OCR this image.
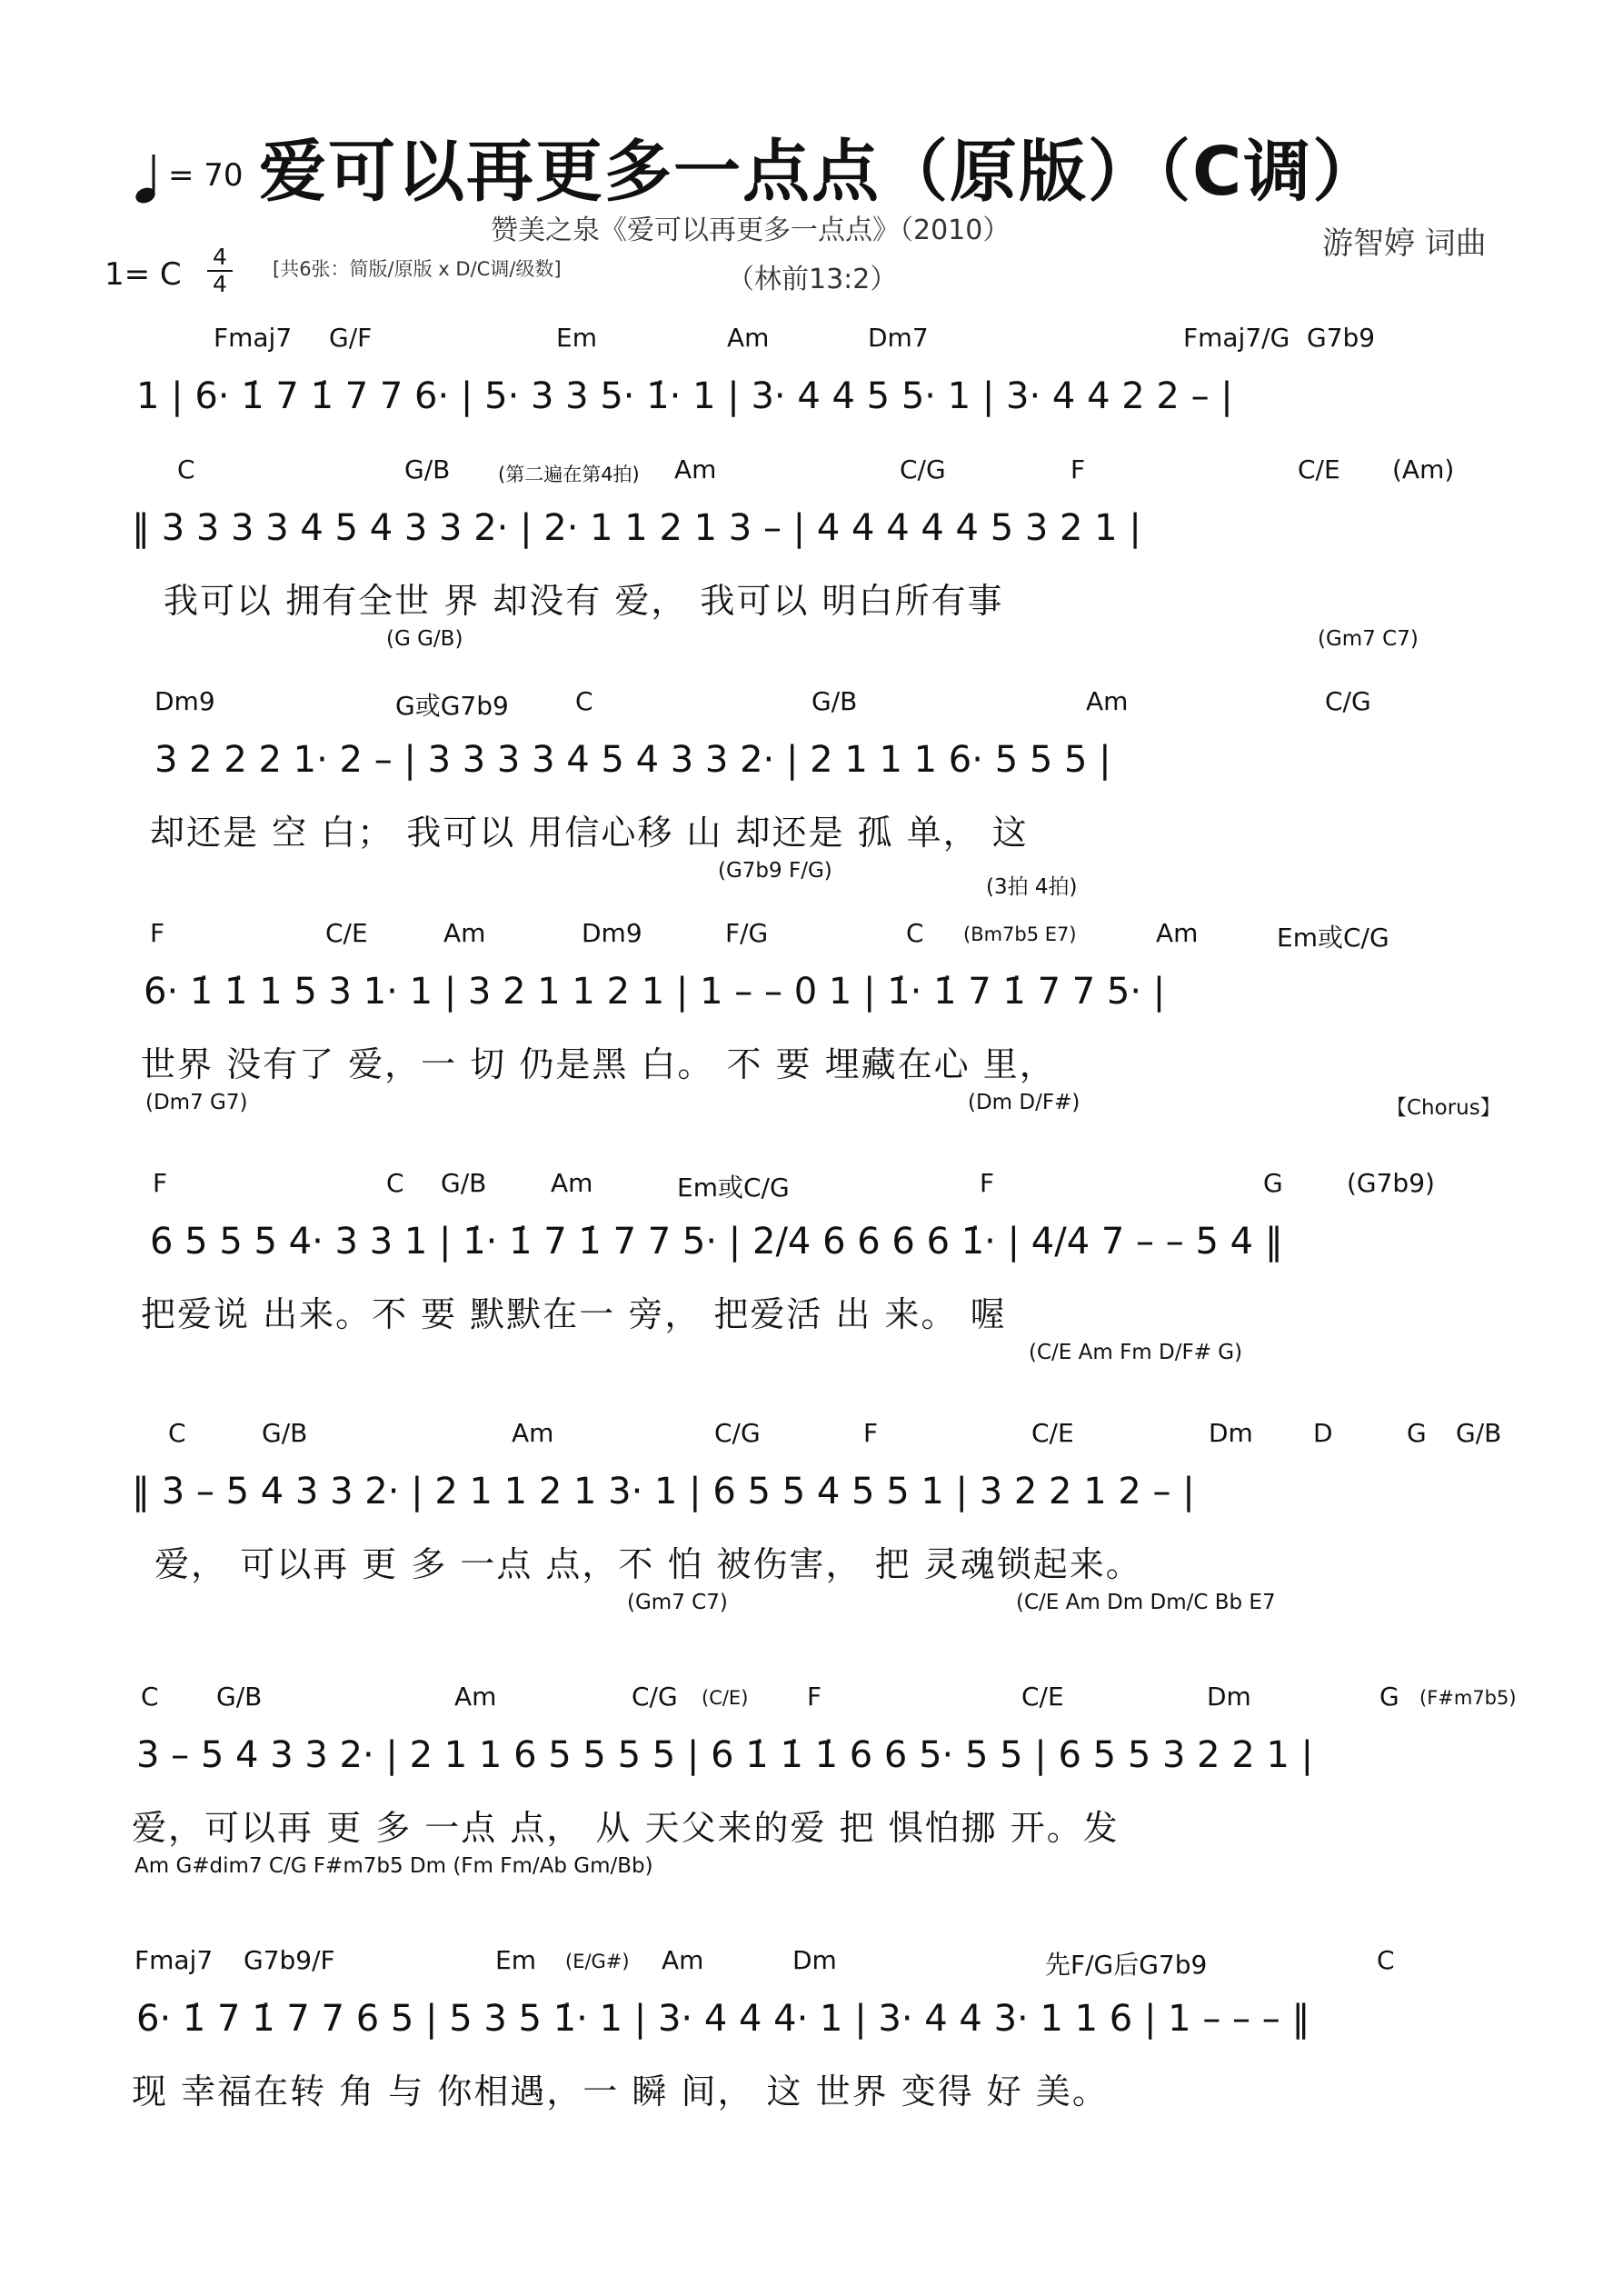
= 70 爱可以再更多一点点（原版）（C调）
赞美之泉《爱可以再更多一点点》（2010）	游智婷 词曲
1= C 4
4
[共6张：简版/原版 x D/C调/级数]	（林前13:2）
Fmaj7 G/F	Em	Am	Dm7	Fmaj7/G G7b9
1 | 6· 1̇ 7 1̇ 7 7 6· | 5· 3 3 5· 1̇· 1 | 3· 4 4 5 5· 1 | 3· 4 4 2 2 – |
C	G/B	(第二遍在第4拍) Am	C/G	F	C/E (Am)
‖ 3 3 3 3 4 5 4 3 3 2· | 2· 1 1 2 1 3 – | 4 4 4 4 4 5 3 2 1 |
我可以 拥有全世 界 却没有 爱， 我可以 明白所有事
(G G/B)	(Gm7 C7)
Dm9	G或G7b9	C	G/B	Am	C/G
3 2 2 2 1· 2 – | 3 3 3 3 4 5 4 3 3 2· | 2 1 1 1 6· 5 5 5 |
却还是 空 白； 我可以 用信心移 山 却还是 孤 单， 这
(G7b9 F/G)
(3拍 4拍)
F	C/E	Am	Dm9	F/G	C (Bm7b5 E7)	Am	Em或C/G
6· 1̇ 1̇ 1 5 3 1· 1 | 3 2 1 1 2 1 | 1 – – 0 1 | 1̇· 1̇ 7 1̇ 7 7 5· |
世界 没有了 爱，一 切 仍是黑 白。 不 要 埋藏在心 里，
(Dm7 G7)	(Dm D/F#)	【Chorus】
F	C G/B	Am	Em或C/G	F	G	(G7b9)
6 5 5 5 4· 3 3 1 | 1̇· 1̇ 7 1̇ 7 7 5· | 2/4 6 6 6 6 1̇· | 4/4 7 – – 5 4 ‖
把爱说 出来。不 要 默默在一 旁， 把爱活 出 来。 喔
(C/E Am Fm D/F# G)
C	G/B	Am	C/G	F	C/E	Dm D	G G/B
‖ 3 – 5 4 3 3 2· | 2 1 1 2 1 3· 1 | 6 5 5 4 5 5 1 | 3 2 2 1 2 – |
爱， 可以再 更 多 一点 点，不 怕 被伤害， 把 灵魂锁起来。
(Gm7 C7)	(C/E Am Dm Dm/C Bb E7
C G/B	Am	C/G (C/E) F	C/E	Dm	G (F#m7b5)
3 – 5 4 3 3 2· | 2 1 1 6 5 5 5 5 | 6 1̇ 1̇ 1̇ 6 6 5· 5 5 | 6 5 5 3 2 2 1 |
爱，可以再 更 多 一点 点， 从 天父来的爱 把 惧怕挪 开。发
Am G#dim7 C/G F#m7b5 Dm (Fm Fm/Ab Gm/Bb)
Fmaj7 G7b9/F	Em (E/G#) Am	Dm	先F/G后G7b9	C
6· 1̇ 7 1̇ 7 7 6 5 | 5 3 5 1̇· 1 | 3· 4 4 4· 1 | 3· 4 4 3· 1 1 6 | 1 – – – ‖
现 幸福在转 角 与 你相遇，一 瞬 间， 这 世界 变得 好 美。
